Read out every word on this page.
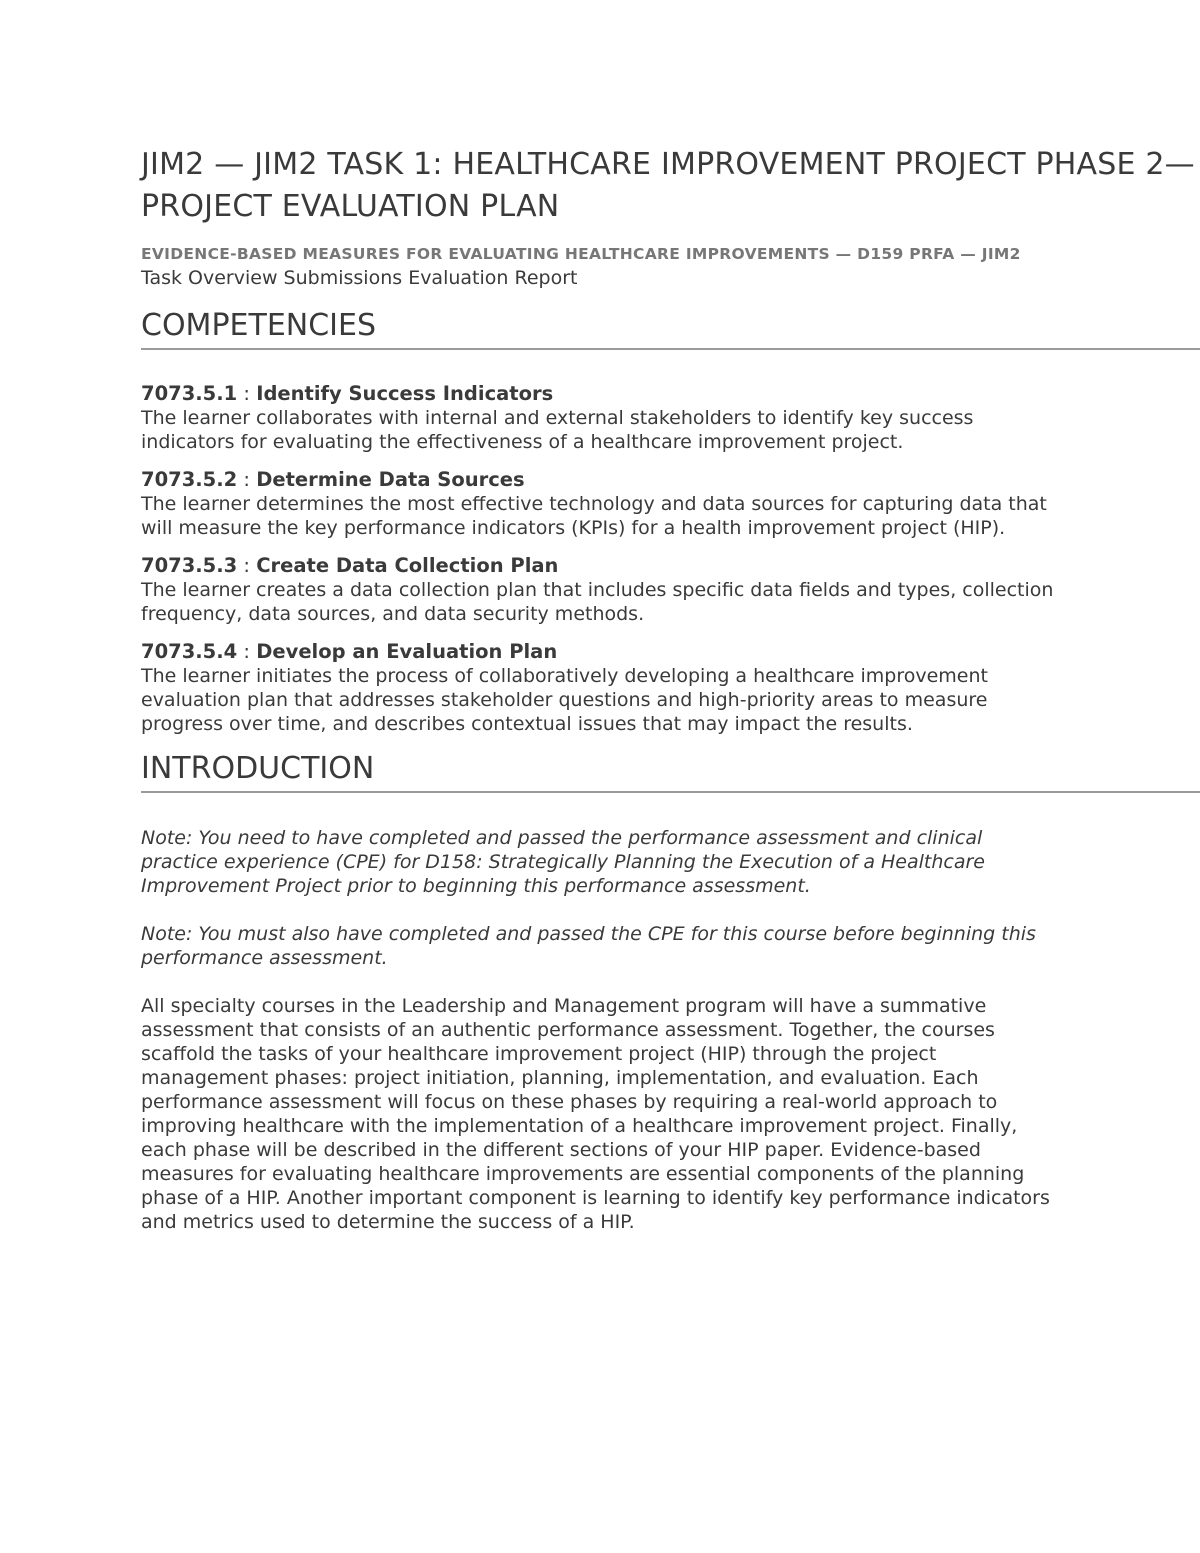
JIM2 — JIM2 TASK 1: HEALTHCARE IMPROVEMENT PROJECT PHASE 2—PROJECT EVALUATION PLAN
EVIDENCE-BASED MEASURES FOR EVALUATING HEALTHCARE IMPROVEMENTS — D159 PRFA — JIM2
Task Overview Submissions Evaluation Report
COMPETENCIES
7073.5.1 : Identify Success Indicators
The learner collaborates with internal and external stakeholders to identify key success indicators for evaluating the effectiveness of a healthcare improvement project.
7073.5.2 : Determine Data Sources
The learner determines the most effective technology and data sources for capturing data that will measure the key performance indicators (KPIs) for a health improvement project (HIP).
7073.5.3 : Create Data Collection Plan
The learner creates a data collection plan that includes specific data fields and types, collection frequency, data sources, and data security methods.
7073.5.4 : Develop an Evaluation Plan
The learner initiates the process of collaboratively developing a healthcare improvement evaluation plan that addresses stakeholder questions and high-priority areas to measure progress over time, and describes contextual issues that may impact the results.
INTRODUCTION

Note: You need to have completed and passed the performance assessment and clinical practice experience (CPE) for D158: Strategically Planning the Execution of a Healthcare Improvement Project prior to beginning this performance assessment.

Note: You must also have completed and passed the CPE for this course before beginning this performance assessment.

All specialty courses in the Leadership and Management program will have a summative assessment that consists of an authentic performance assessment. Together, the courses scaffold the tasks of your healthcare improvement project (HIP) through the project management phases: project initiation, planning, implementation, and evaluation. Each performance assessment will focus on these phases by requiring a real-world approach to improving healthcare with the implementation of a healthcare improvement project. Finally, each phase will be described in the different sections of your HIP paper. Evidence-based measures for evaluating healthcare improvements are essential components of the planning phase of a HIP. Another important component is learning to identify key performance indicators and metrics used to determine the success of a HIP.
